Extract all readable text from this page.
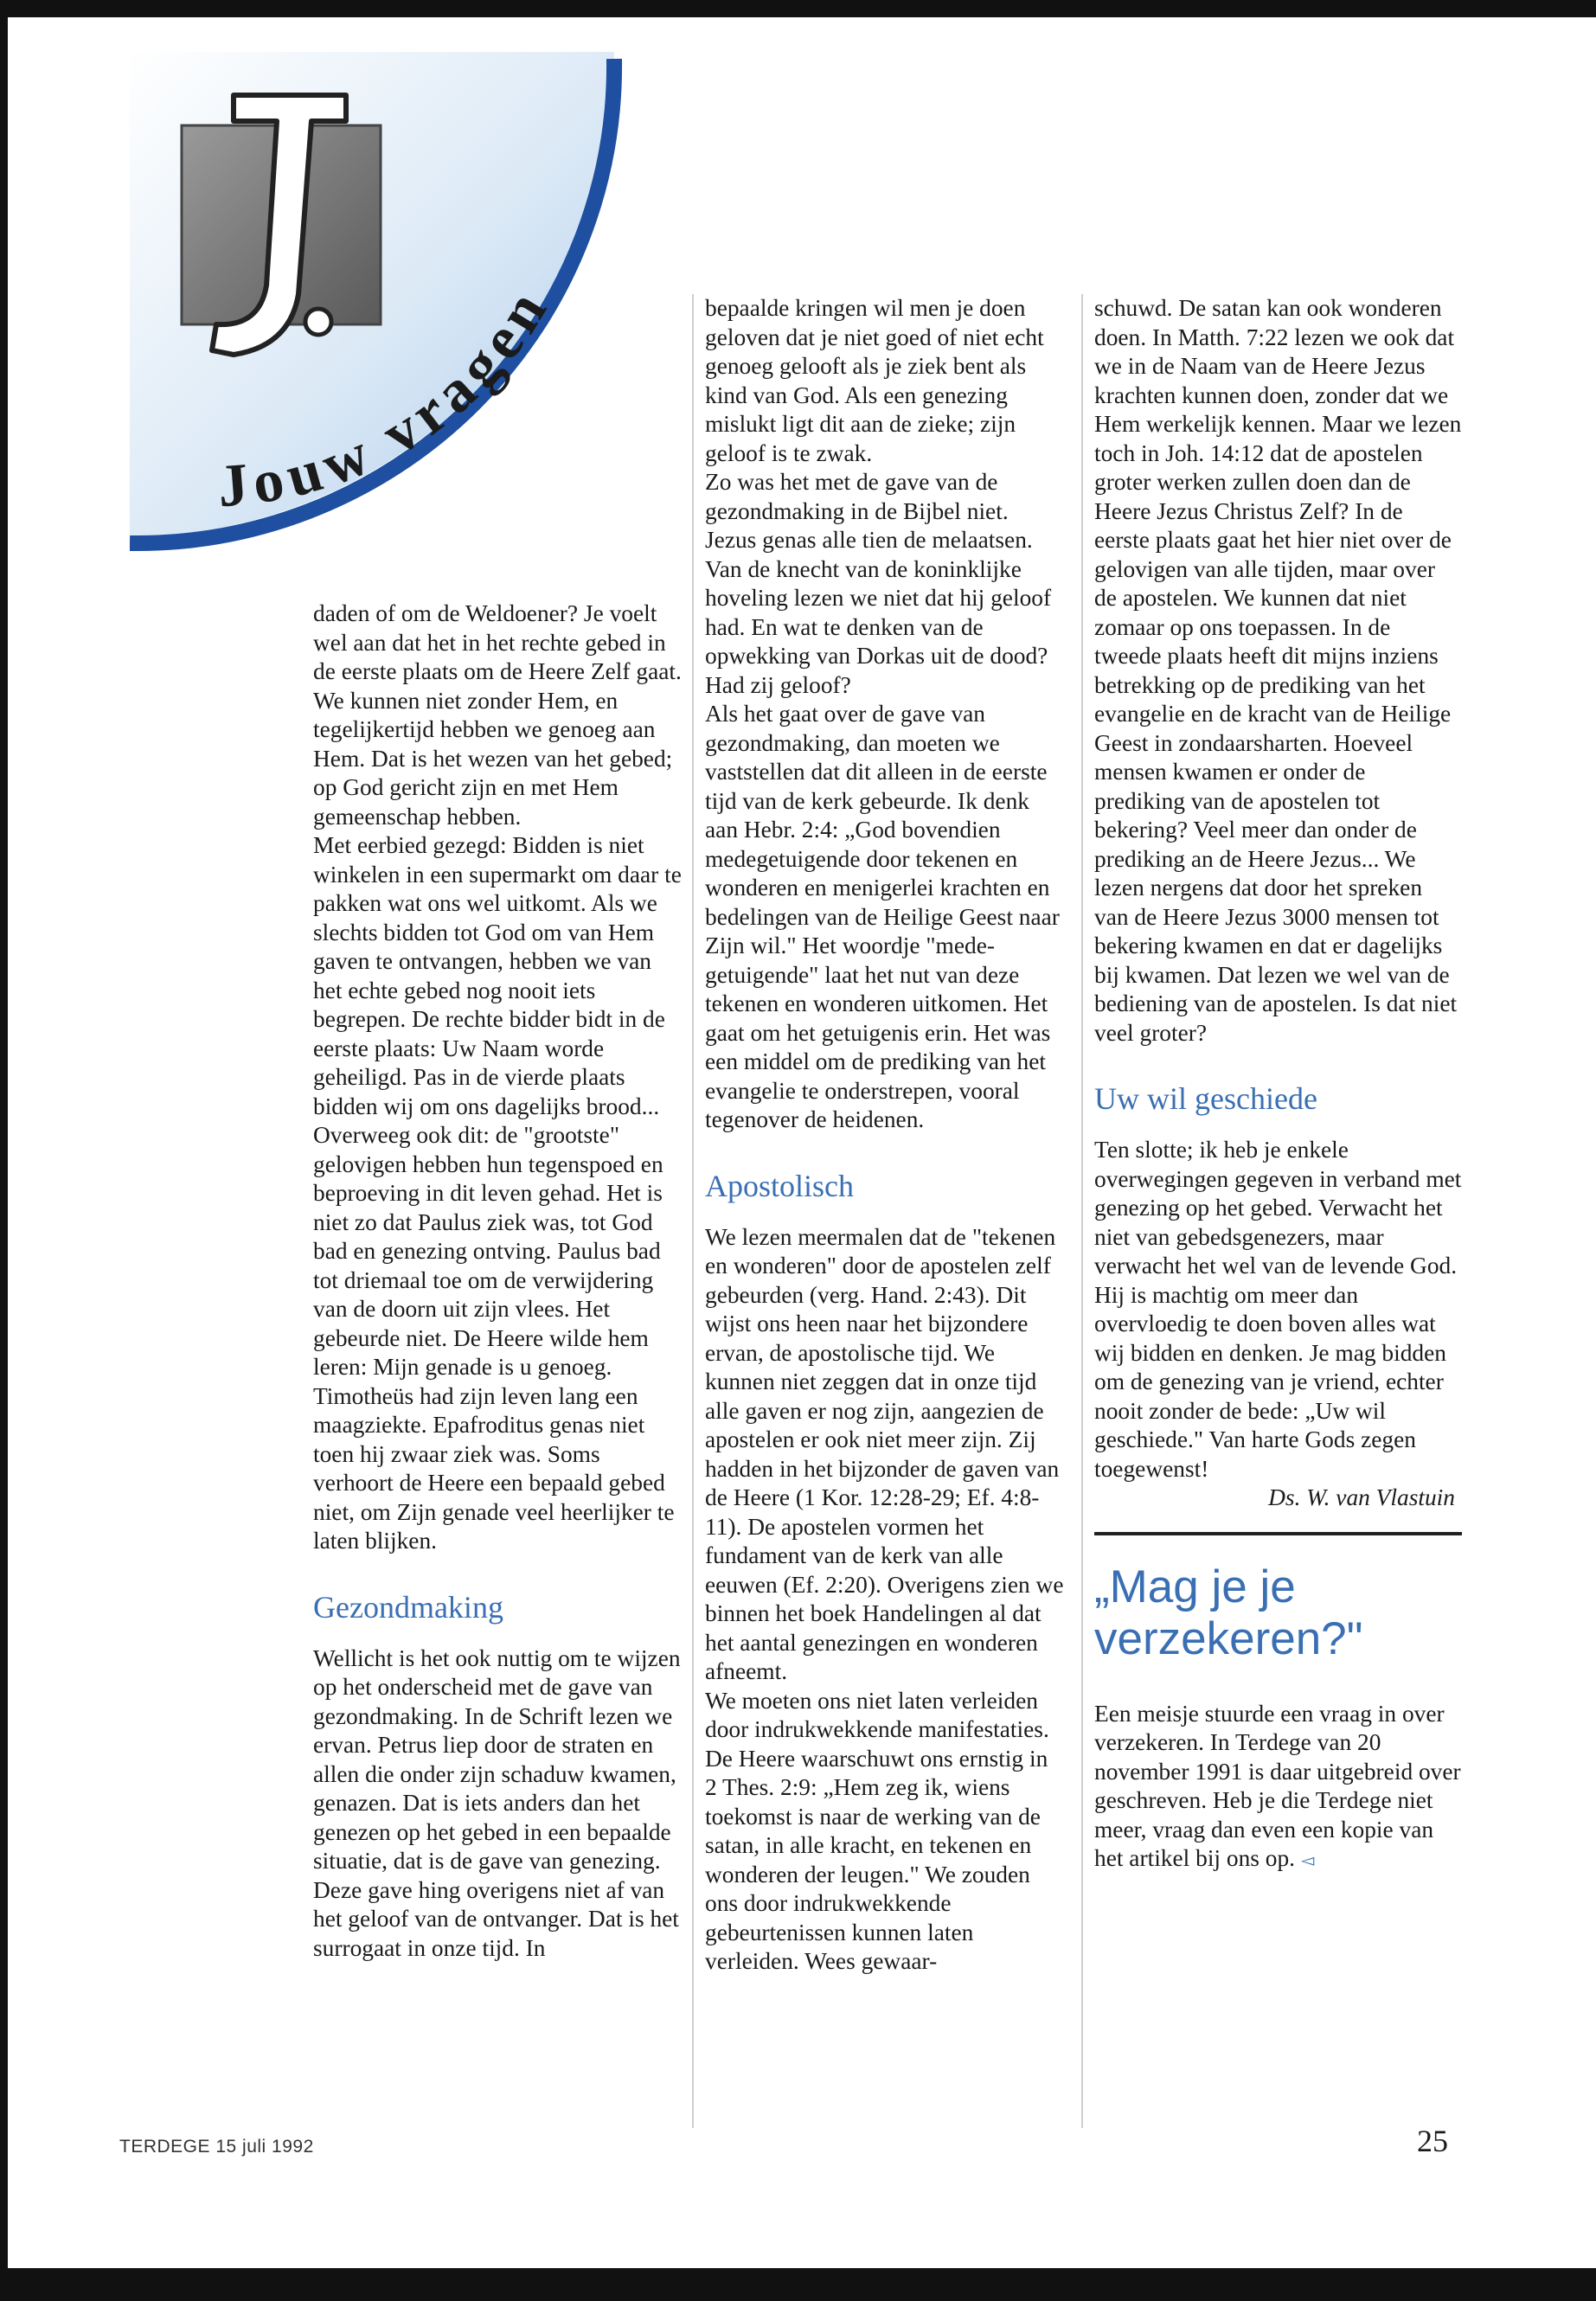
Jouw vragen

daden of om de Weldoener? Je voelt wel aan dat het in het rechte gebed in de eerste plaats om de Heere Zelf gaat. We kunnen niet zonder Hem, en tegelijkertijd hebben we genoeg aan Hem. Dat is het wezen van het gebed; op God gericht zijn en met Hem gemeenschap hebben.

Met eerbied gezegd: Bidden is niet winkelen in een supermarkt om daar te pakken wat ons wel uitkomt. Als we slechts bidden tot God om van Hem gaven te ontvangen, hebben we van het echte gebed nog nooit iets begrepen. De rechte bidder bidt in de eerste plaats: Uw Naam worde geheiligd. Pas in de vierde plaats bidden wij om ons dagelijks brood...

Overweeg ook dit: de "grootste" gelovigen hebben hun tegenspoed en beproeving in dit leven gehad. Het is niet zo dat Paulus ziek was, tot God bad en genezing ontving. Paulus bad tot driemaal toe om de verwijdering van de doorn uit zijn vlees. Het gebeurde niet. De Heere wilde hem leren: Mijn genade is u genoeg. Timotheüs had zijn leven lang een maagziekte. Epafroditus genas niet toen hij zwaar ziek was. Soms verhoort de Heere een bepaald gebed niet, om Zijn genade veel heerlijker te laten blijken.

Gezondmaking

Wellicht is het ook nuttig om te wijzen op het onderscheid met de gave van gezondmaking. In de Schrift lezen we ervan. Petrus liep door de straten en allen die onder zijn schaduw kwamen, genazen. Dat is iets anders dan het genezen op het gebed in een bepaalde situatie, dat is de gave van genezing. Deze gave hing overigens niet af van het geloof van de ontvanger. Dat is het surrogaat in onze tijd. In

bepaalde kringen wil men je doen geloven dat je niet goed of niet echt genoeg gelooft als je ziek bent als kind van God. Als een genezing mislukt ligt dit aan de zieke; zijn geloof is te zwak.

Zo was het met de gave van de gezondmaking in de Bijbel niet. Jezus genas alle tien de melaatsen. Van de knecht van de koninklijke hoveling lezen we niet dat hij geloof had. En wat te denken van de opwekking van Dorkas uit de dood? Had zij geloof?

Als het gaat over de gave van gezondmaking, dan moeten we vaststellen dat dit alleen in de eerste tijd van de kerk gebeurde. Ik denk aan Hebr. 2:4: „God bovendien medegetuigende door tekenen en wonderen en menigerlei krachten en bedelingen van de Heilige Geest naar Zijn wil." Het woordje "mede-getuigende" laat het nut van deze tekenen en wonderen uitkomen. Het gaat om het getuigenis erin. Het was een middel om de prediking van het evangelie te onderstrepen, vooral tegenover de heidenen.

Apostolisch

We lezen meermalen dat de "tekenen en wonderen" door de apostelen zelf gebeurden (verg. Hand. 2:43). Dit wijst ons heen naar het bijzondere ervan, de apostolische tijd. We kunnen niet zeggen dat in onze tijd alle gaven er nog zijn, aangezien de apostelen er ook niet meer zijn. Zij hadden in het bijzonder de gaven van de Heere (1 Kor. 12:28-29; Ef. 4:8-11). De apostelen vormen het fundament van de kerk van alle eeuwen (Ef. 2:20). Overigens zien we binnen het boek Handelingen al dat het aantal genezingen en wonderen afneemt.

We moeten ons niet laten verleiden door indrukwekkende manifestaties. De Heere waarschuwt ons ernstig in 2 Thes. 2:9: „Hem zeg ik, wiens toekomst is naar de werking van de satan, in alle kracht, en tekenen en wonderen der leugen." We zouden ons door indrukwekkende gebeurtenissen kunnen laten verleiden. Wees gewaar-

schuwd. De satan kan ook wonderen doen. In Matth. 7:22 lezen we ook dat we in de Naam van de Heere Jezus krachten kunnen doen, zonder dat we Hem werkelijk kennen. Maar we lezen toch in Joh. 14:12 dat de apostelen groter werken zullen doen dan de Heere Jezus Christus Zelf? In de eerste plaats gaat het hier niet over de gelovigen van alle tijden, maar over de apostelen. We kunnen dat niet zomaar op ons toepassen. In de tweede plaats heeft dit mijns inziens betrekking op de prediking van het evangelie en de kracht van de Heilige Geest in zondaarsharten. Hoeveel mensen kwamen er onder de prediking van de apostelen tot bekering? Veel meer dan onder de prediking an de Heere Jezus... We lezen nergens dat door het spreken van de Heere Jezus 3000 mensen tot bekering kwamen en dat er dagelijks bij kwamen. Dat lezen we wel van de bediening van de apostelen. Is dat niet veel groter?

Uw wil geschiede

Ten slotte; ik heb je enkele overwegingen gegeven in verband met genezing op het gebed. Verwacht het niet van gebedsgenezers, maar verwacht het wel van de levende God. Hij is machtig om meer dan overvloedig te doen boven alles wat wij bidden en denken. Je mag bidden om de genezing van je vriend, echter nooit zonder de bede: „Uw wil geschiede." Van harte Gods zegen toegewenst!

Ds. W. van Vlastuin

„Mag je je verzekeren?"

Een meisje stuurde een vraag in over verzekeren. In Terdege van 20 november 1991 is daar uitgebreid over geschreven. Heb je die Terdege niet meer, vraag dan even een kopie van het artikel bij ons op. ◅

TERDEGE 15 juli 1992	25
